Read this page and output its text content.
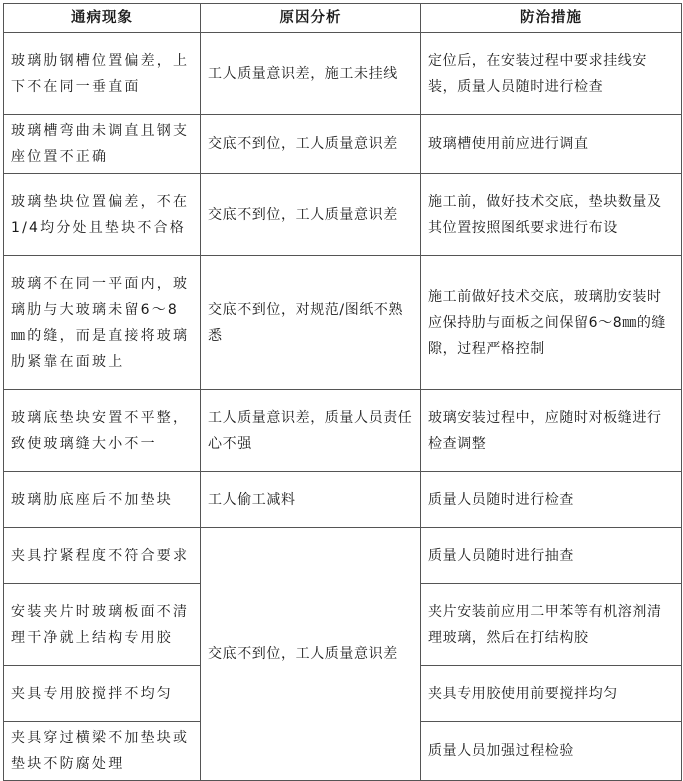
通病现象	原因分析	防治措施
玻璃肋钢槽位置偏差，上下不在同一垂直面	工人质量意识差，施工未挂线	定位后，在安装过程中要求挂线安装，质量人员随时进行检查
玻璃槽弯曲未调直且钢支座位置不正确	交底不到位，工人质量意识差	玻璃槽使用前应进行调直
玻璃垫块位置偏差，不在1/4均分处且垫块不合格	交底不到位，工人质量意识差	施工前，做好技术交底，垫块数量及其位置按照图纸要求进行布设
玻璃不在同一平面内，玻璃肋与大玻璃未留6～8㎜的缝，而是直接将玻璃肋紧靠在面玻上	交底不到位，对规范/图纸不熟悉	施工前做好技术交底，玻璃肋安装时应保持肋与面板之间保留6～8㎜的缝隙，过程严格控制
玻璃底垫块安置不平整，致使玻璃缝大小不一	工人质量意识差，质量人员责任心不强	玻璃安装过程中，应随时对板缝进行检查调整
玻璃肋底座后不加垫块	工人偷工减料	质量人员随时进行检查
夹具拧紧程度不符合要求	交底不到位，工人质量意识差	质量人员随时进行抽查
安装夹片时玻璃板面不清理干净就上结构专用胶		夹片安装前应用二甲苯等有机溶剂清理玻璃，然后在打结构胶
夹具专用胶搅拌不均匀		夹具专用胶使用前要搅拌均匀
夹具穿过横梁不加垫块或垫块不防腐处理		质量人员加强过程检验
